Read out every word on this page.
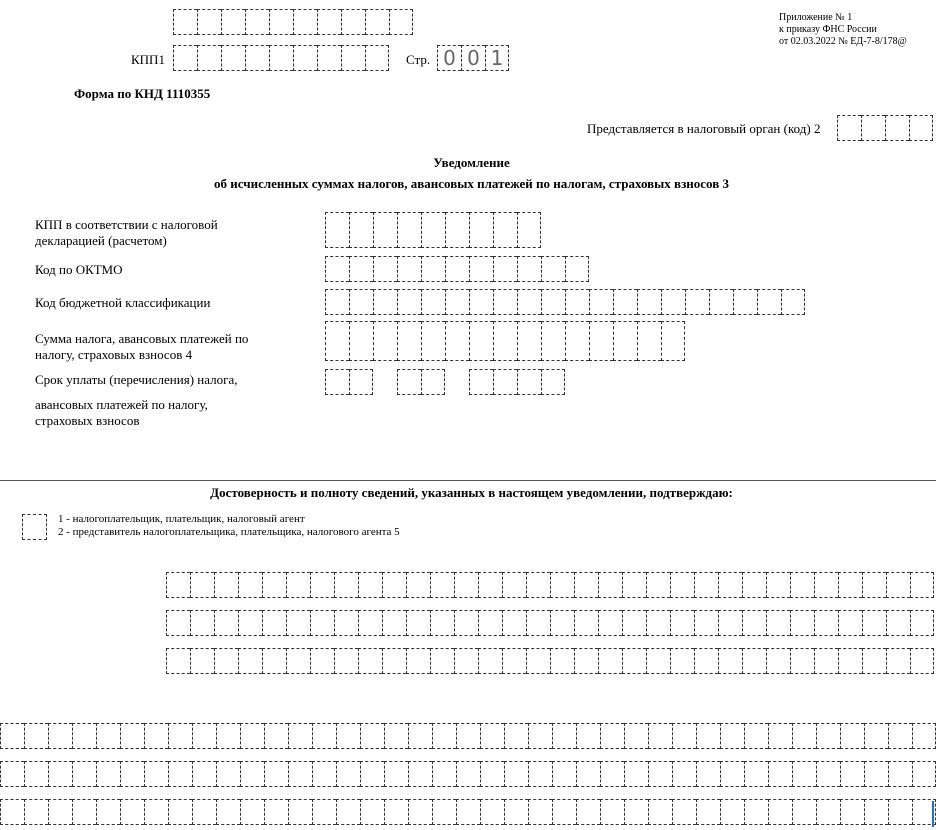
Приложение № 1
к приказу ФНС России
от 02.03.2022 № ЕД-7-8/178@
КПП1	Стр. 0 0 1
Форма по КНД 1110355
Представляется в налоговый орган (код) 2
Уведомление
об исчисленных суммах налогов, авансовых платежей по налогам, страховых взносов 3
КПП в соответствии с налоговой
декларацией (расчетом)
Код по ОКТМО
Код бюджетной классификации
Сумма налога, авансовых платежей по
налогу, страховых взносов 4
Срок уплаты (перечисления) налога,
авансовых платежей по налогу,
страховых взносов
Достоверность и полноту сведений, указанных в настоящем уведомлении, подтверждаю:
1 - налогоплательщик, плательщик, налоговый агент
2 - представитель налогоплательщика, плательщика, налогового агента 5
